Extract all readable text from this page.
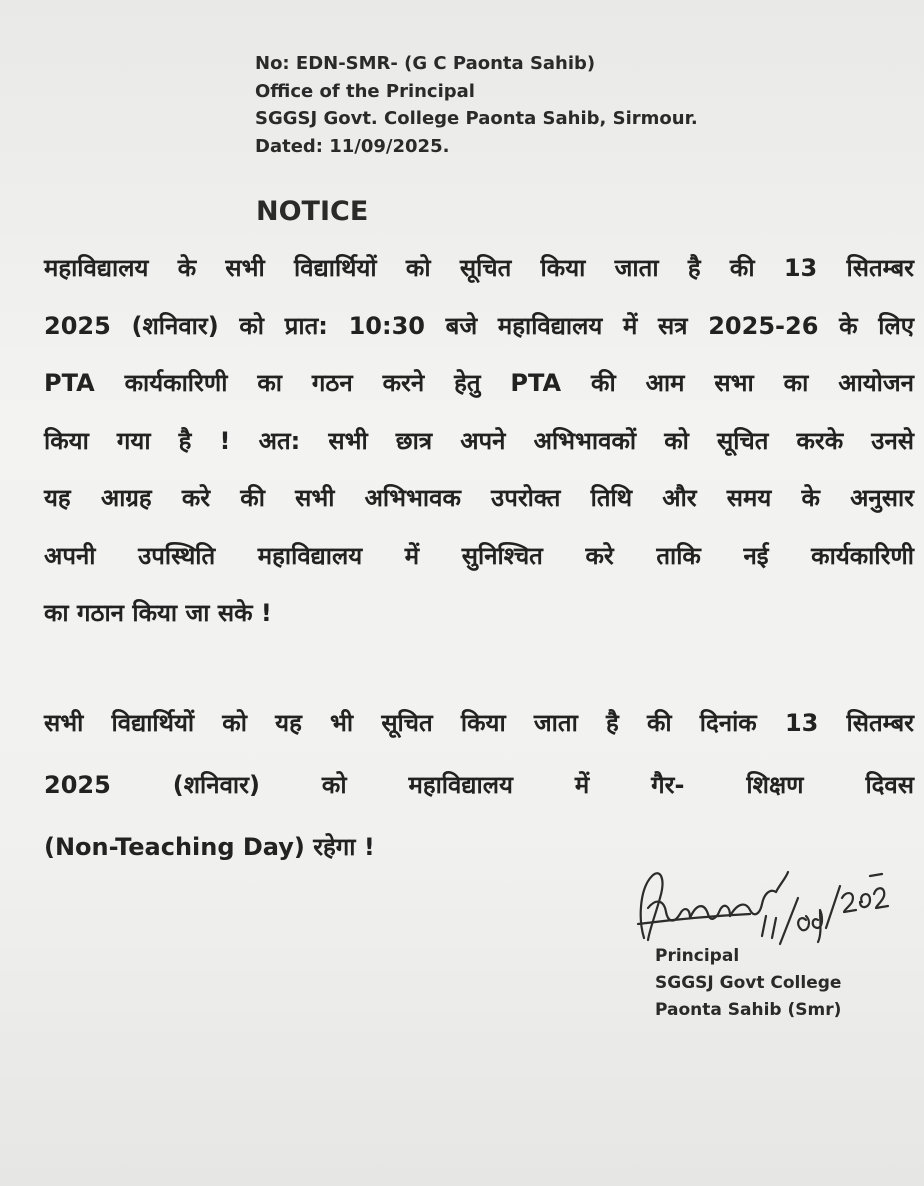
No: EDN-SMR- (G C Paonta Sahib)
Office of the Principal
SGGSJ Govt. College Paonta Sahib, Sirmour.
Dated: 11/09/2025.
NOTICE
महाविद्यालय के सभी विद्यार्थियों को सूचित किया जाता है की 13 सितम्बर
2025 (शनिवार) को प्रात: 10:30 बजे महाविद्यालय में सत्र 2025-26 के लिए
PTA कार्यकारिणी का गठन करने हेतु PTA की आम सभा का आयोजन
किया गया है ! अत: सभी छात्र अपने अभिभावकों को सूचित करके उनसे
यह आग्रह करे की सभी अभिभावक उपरोक्त तिथि और समय के अनुसार
अपनी उपस्थिति महाविद्यालय में सुनिश्चित करे ताकि नई कार्यकारिणी
का गठान किया जा सके !
सभी विद्यार्थियों को यह भी सूचित किया जाता है की दिनांक 13 सितम्बर
2025 (शनिवार) को महाविद्यालय में गैर- शिक्षण दिवस
(Non-Teaching Day) रहेगा !
Principal
SGGSJ Govt College
Paonta Sahib (Smr)
